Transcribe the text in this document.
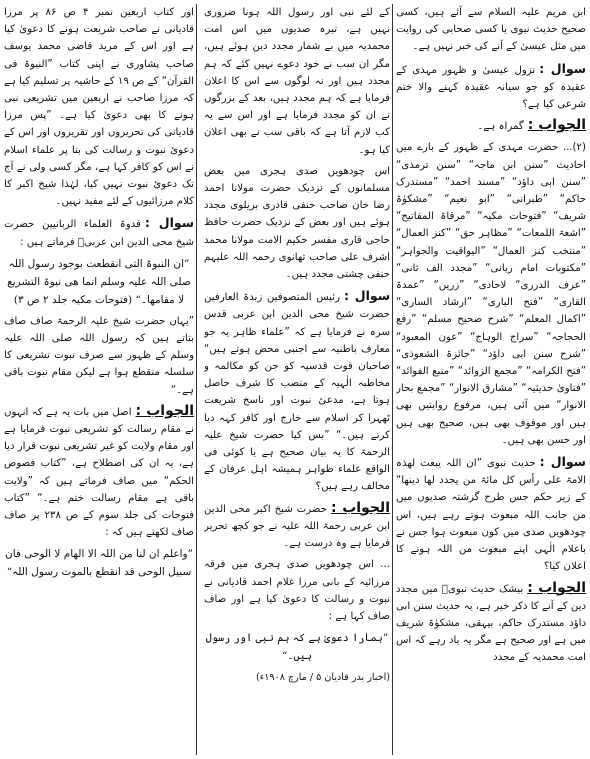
ابن مریم علیہ السلام سے آئے ہیں، کسی صحیح حدیث نبوی یا کسی صحابی کی روایت میں مثل عیسیٰ کے آنے کی خبر نہیں ہے۔

سوال :نزول عیسیٰ و ظہور مہدی کے عقیدہ کو جو سیانہ عقیدہ کہنے والا ختم شرعی کیا ہے؟

الجواب :گمراہ ہے۔

(۲)... حضرت مہدی کے ظہور کے بارے میں احادیث ”سنن ابن ماجہ“ ”سنن ترمذی“ ”سنن ابی داؤد“ ”مسند احمد“ ”مستدرک حاکم“ ”طبرانی“ ”ابو نعیم“ ”مشکوٰۃ شریف“ ”فتوحات مکیہ“ ”مرقاۃ المفاتیح“ ”اشعۃ اللمعات“ ”مظاہر حق“ ”کنز العمال“ ”منتخب کنز العمال“ ”الیواقیت والجواہر“ ”مکتوبات امام ربانی“ ”مجدد الف ثانی“ ”عرف الدرری“ لاحادی“ ”زرین“ ”عمدۃ القاری“ ”فتح الباری“ ”ارشاد الساری“ ”اکمال المعلم“ ”شرح صحیح مسلم“ ”رفع الحجاجہ“ ”سراج الوہاج“ ”عون المعبود“ ”شرح سنن ابی داؤد“ ”جائزۃ الشعوذی“ ”فتح الکرامہ“ ”مجمع الزوائد“ ”منبع الفوائد“ ”فتاویٰ حدیثیہ“ ”مشارق الانوار“ ”مجمع بحار الانوار“ میں آئی ہیں، مرفوع روایتیں بھی ہیں اور موقوف بھی ہیں، صحیح بھی ہیں اور حسن بھی ہیں۔

سوال :حدیث نبوی ”ان اللہ یبعث لھذہ الامۃ علی رأس کل مائۃ من یجدد لھا دینھا“ کے زیر حکم جس طرح گزشتہ صدیوں میں من جانب اللہ مبعوث ہوتے رہے ہیں، اس چودھویں صدی میں کون مبعوث ہوا جس نے باعلام الٰہی اپنے مبعوث من اللہ ہونے کا اعلان کیا؟

الجواب :بیشک حدیث نبویؐ میں مجدد دین کے آنے کا ذکر خیر ہے، یہ حدیث سنن ابی داؤد مستدرک حاکم، بیہقی، مشکوٰۃ شریف میں ہے اور صحیح ہے مگر یہ یاد رہے کہ اس امت محمدیہ کے مجدد

کے لئے نبی اور رسول اللہ ہونا ضروری نہیں ہے، تیرہ صدیوں میں اس امت محمدیہ میں بے شمار مجدد دین ہوئے ہیں، مگر ان سب نے خود دعوے نہیں کئے کہ ہم مجدد ہیں اور نہ لوگوں سے اس کا اعلان فرمایا ہے کہ ہم مجدد ہیں، بعد کے بزرگوں نے ان کو مجدد فرمایا ہے اور اس سے یہ کب لازم آتا ہے کہ باقی سب نے بھی اعلان کیا ہو۔

اس چودھویں صدی ہجری میں بعض مسلمانوں کے نزدیک حضرت مولانا احمد رضا خان صاحب حنفی قادری بریلوی مجدد ہوئے ہیں اور بعض کے نزدیک حضرت حافظ حاجی قاری مفسر حکیم الامت مولانا محمد اشرف علی صاحب تھانوی رحمہ اللہ علیہم حنفی چشتی مجدد ہیں۔

سوال :رئیس المتصوفین زبدۃ العارفین حضرت شیخ محی الدین ابن عربی قدس سرہ نے فرمایا ہے کہ ”علماء ظاہر یہ جو معارف باطنیہ سے اجنبی محض ہوتے ہیں“ صاحبان قوت قدسیہ کو جن کو مکالمہ و مخاطبہ الٰہیہ کے منصب کا شرف حاصل ہوتا ہے، مدعیٔ نبوت اور ناسخ شریعت ٹھہرا کر اسلام سے خارج اور کافر کہہ دیا کرتے ہیں۔“ ”بس کیا حضرت شیخ علیہ الرحمۃ کا یہ بیان صحیح ہے یا کوئی فی الواقع علماء ظواہر ہمیشہ اہل عرفان کے مخالف رہے ہیں؟

الجواب :حضرت شیخ اکبر محی الدین ابن عربی رحمۃ اللہ علیہ نے جو کچھ تحریر فرمایا ہے وہ درست ہے۔

... اس چودھویں صدی ہجری میں فرقہ مرزائیہ کے بانی مرزا غلام احمد قادیانی نے نبوت و رسالت کا دعویٰ کیا ہے اور صاف صاف کہا ہے :

”ہمارا دعویٰ ہے کہ ہم نبی اور رسول ہیں۔“

(اخبار بدر قادیان ۵ / مارچ ۱۹۰۸ء)

اور کتاب اربعین نمبر ۴ ص ۸۶ پر مرزا قادیانی نے صاحب شریعت ہونے کا دعویٰ کیا ہے اور اس کے مرید قاضی محمد یوسف صاحب پشاوری نے اپنی کتاب ”النبوۃ فی القرآن“ کے ص ۱۹ کے حاشیہ پر تسلیم کیا ہے کہ مرزا صاحب نے اربعین میں تشریعی نبی ہونے کا بھی دعویٰ کیا ہے۔ ”پس مرزا قادیانی کی تحریروں اور تقریروں اور اس کے دعویٔ نبوت و رسالت کی بنا پر علماء اسلام نے اس کو کافر کہا ہے، مگر کسی ولی نے آج تک دعویٔ نبوت نہیں کیا، لہٰذا شیخ اکبر کا کلام مرزائیوں کے لئے مفید نہیں۔

سوال :قدوۃ العلماء الربانیین حضرت شیخ محی الدین ابن عربیؒ فرماتے ہیں :

”ان النبوۃ التی انقطعت بوجود رسول اللہ صلی اللہ علیہ وسلم انما ھی نبوۃ التشریع لا مقامھا۔“ (فتوحات مکیہ جلد ۲ ص ۳)

”یہاں حضرت شیخ علیہ الرحمۃ صاف صاف بتاتے ہیں کہ رسول اللہ صلی اللہ علیہ وسلم کے ظہور سے صرف نبوت تشریعی کا سلسلہ منقطع ہوا ہے لیکن مقام نبوت باقی ہے۔“

الجواب :اصل میں بات یہ ہے کہ انہوں نے مقام رسالت کو تشریعی نبوت فرمایا ہے اور مقام ولایت کو غیر تشریعی نبوت قرار دیا ہے، یہ ان کی اصطلاح ہے، ”کتاب فصوص الحکم“ میں صاف فرماتے ہیں کہ ”ولایت باقی ہے مقام رسالت ختم ہے۔“ ”کتاب فتوحات کی جلد سوم کے ص ۲۳۸ پر صاف صاف لکھتے ہیں کہ :

”واعلم ان لنا من اللہ الا الھام لا الوحی فان سبیل الوحی قد انقطع بالموت رسول اللہ“
